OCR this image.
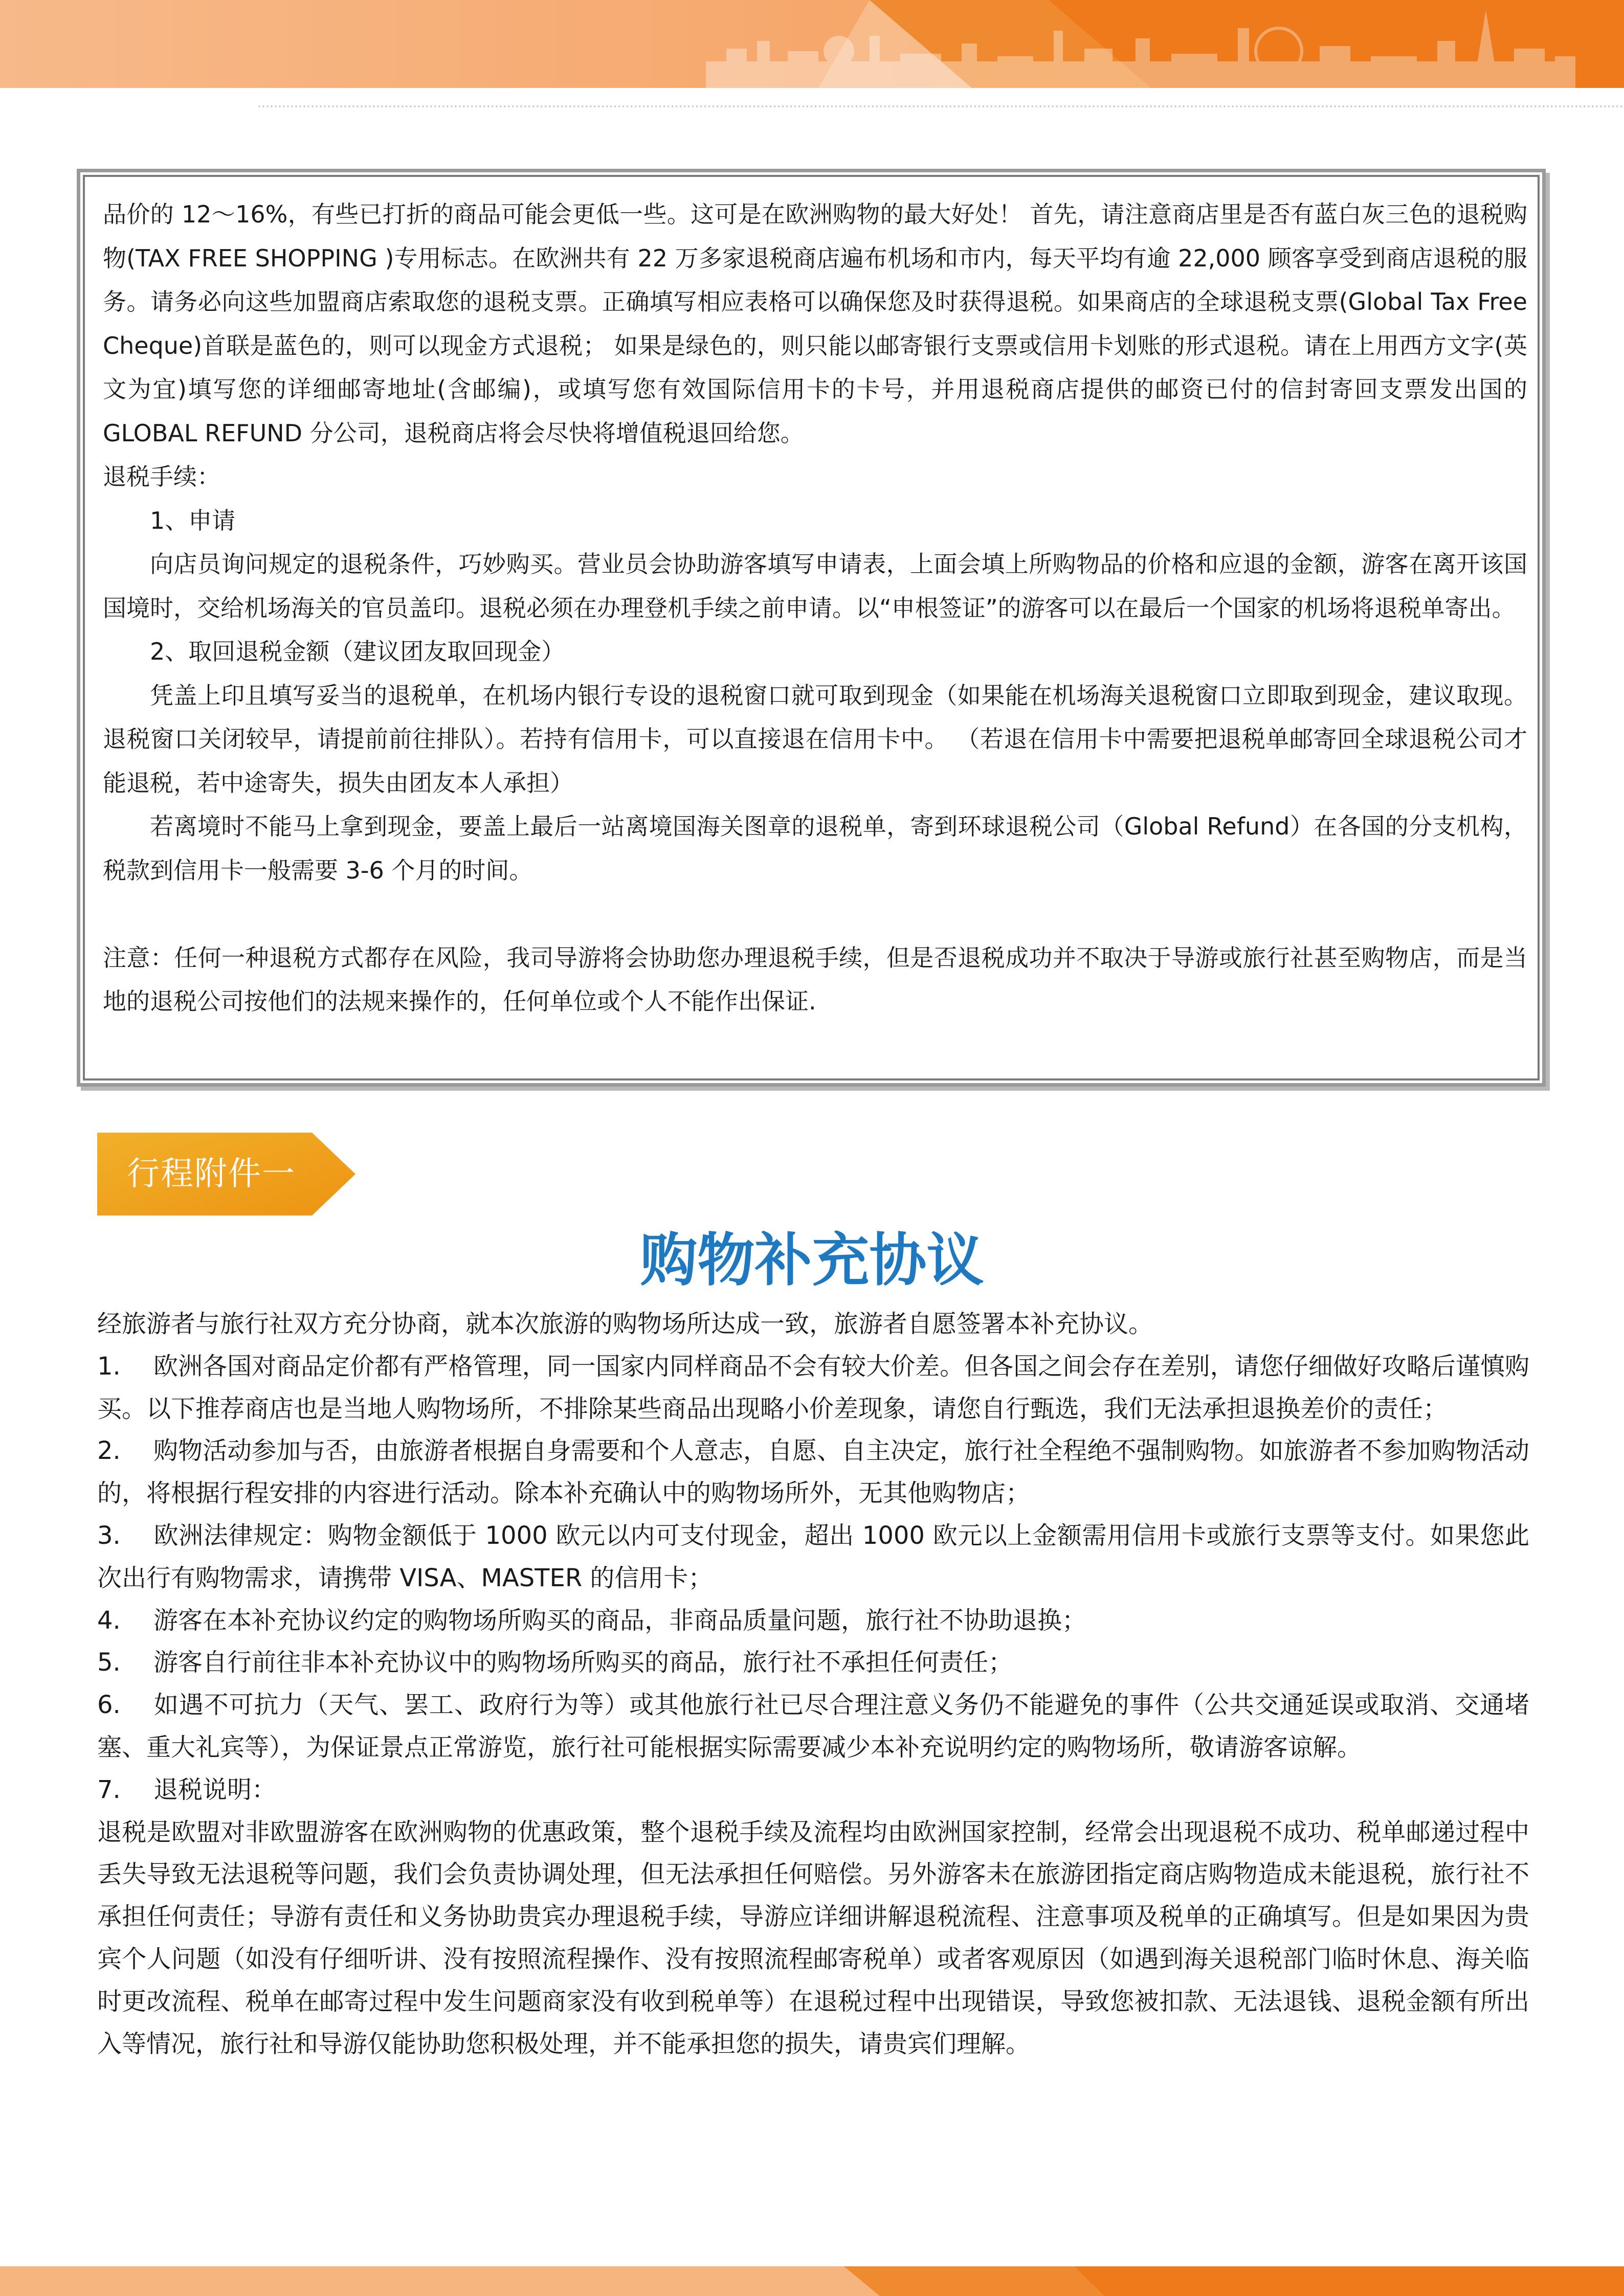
品价的 12～16%，有些已打折的商品可能会更低一些。这可是在欧洲购物的最大好处！ 首先，请注意商店里是否有蓝白灰三色的退税购物(TAX FREE SHOPPING )专用标志。在欧洲共有 22 万多家退税商店遍布机场和市内，每天平均有逾 22,000 顾客享受到商店退税的服务。请务必向这些加盟商店索取您的退税支票。正确填写相应表格可以确保您及时获得退税。如果商店的全球退税支票(Global Tax Free Cheque)首联是蓝色的，则可以现金方式退税； 如果是绿色的，则只能以邮寄银行支票或信用卡划账的形式退税。请在上用西方文字(英文为宜)填写您的详细邮寄地址(含邮编)，或填写您有效国际信用卡的卡号，并用退税商店提供的邮资已付的信封寄回支票发出国的 GLOBAL REFUND 分公司，退税商店将会尽快将增值税退回给您。

退税手续：

1、申请

向店员询问规定的退税条件，巧妙购买。营业员会协助游客填写申请表，上面会填上所购物品的价格和应退的金额，游客在离开该国国境时，交给机场海关的官员盖印。退税必须在办理登机手续之前申请。以“申根签证”的游客可以在最后一个国家的机场将退税单寄出。

2、取回退税金额（建议团友取回现金）

凭盖上印且填写妥当的退税单，在机场内银行专设的退税窗口就可取到现金（如果能在机场海关退税窗口立即取到现金，建议取现。退税窗口关闭较早，请提前前往排队）。若持有信用卡，可以直接退在信用卡中。 （若退在信用卡中需要把退税单邮寄回全球退税公司才能退税，若中途寄失，损失由团友本人承担）

若离境时不能马上拿到现金，要盖上最后一站离境国海关图章的退税单，寄到环球退税公司（Global Refund）在各国的分支机构，税款到信用卡一般需要 3-6 个月的时间。

注意：任何一种退税方式都存在风险，我司导游将会协助您办理退税手续，但是否退税成功并不取决于导游或旅行社甚至购物店，而是当地的退税公司按他们的法规来操作的，任何单位或个人不能作出保证.

行程附件一
购物补充协议

经旅游者与旅行社双方充分协商，就本次旅游的购物场所达成一致，旅游者自愿签署本补充协议。

1. 欧洲各国对商品定价都有严格管理，同一国家内同样商品不会有较大价差。但各国之间会存在差别，请您仔细做好攻略后谨慎购买。以下推荐商店也是当地人购物场所，不排除某些商品出现略小价差现象，请您自行甄选，我们无法承担退换差价的责任；

2. 购物活动参加与否，由旅游者根据自身需要和个人意志，自愿、自主决定，旅行社全程绝不强制购物。如旅游者不参加购物活动的，将根据行程安排的内容进行活动。除本补充确认中的购物场所外，无其他购物店；

3. 欧洲法律规定：购物金额低于 1000 欧元以内可支付现金，超出 1000 欧元以上金额需用信用卡或旅行支票等支付。如果您此次出行有购物需求，请携带 VISA、MASTER 的信用卡；

4. 游客在本补充协议约定的购物场所购买的商品，非商品质量问题，旅行社不协助退换；

5. 游客自行前往非本补充协议中的购物场所购买的商品，旅行社不承担任何责任；

6. 如遇不可抗力（天气、罢工、政府行为等）或其他旅行社已尽合理注意义务仍不能避免的事件（公共交通延误或取消、交通堵塞、重大礼宾等），为保证景点正常游览，旅行社可能根据实际需要减少本补充说明约定的购物场所，敬请游客谅解。

7. 退税说明：

退税是欧盟对非欧盟游客在欧洲购物的优惠政策，整个退税手续及流程均由欧洲国家控制，经常会出现退税不成功、税单邮递过程中丢失导致无法退税等问题，我们会负责协调处理，但无法承担任何赔偿。另外游客未在旅游团指定商店购物造成未能退税，旅行社不承担任何责任；导游有责任和义务协助贵宾办理退税手续，导游应详细讲解退税流程、注意事项及税单的正确填写。但是如果因为贵宾个人问题（如没有仔细听讲、没有按照流程操作、没有按照流程邮寄税单）或者客观原因（如遇到海关退税部门临时休息、海关临时更改流程、税单在邮寄过程中发生问题商家没有收到税单等）在退税过程中出现错误，导致您被扣款、无法退钱、退税金额有所出入等情况，旅行社和导游仅能协助您积极处理，并不能承担您的损失，请贵宾们理解。
